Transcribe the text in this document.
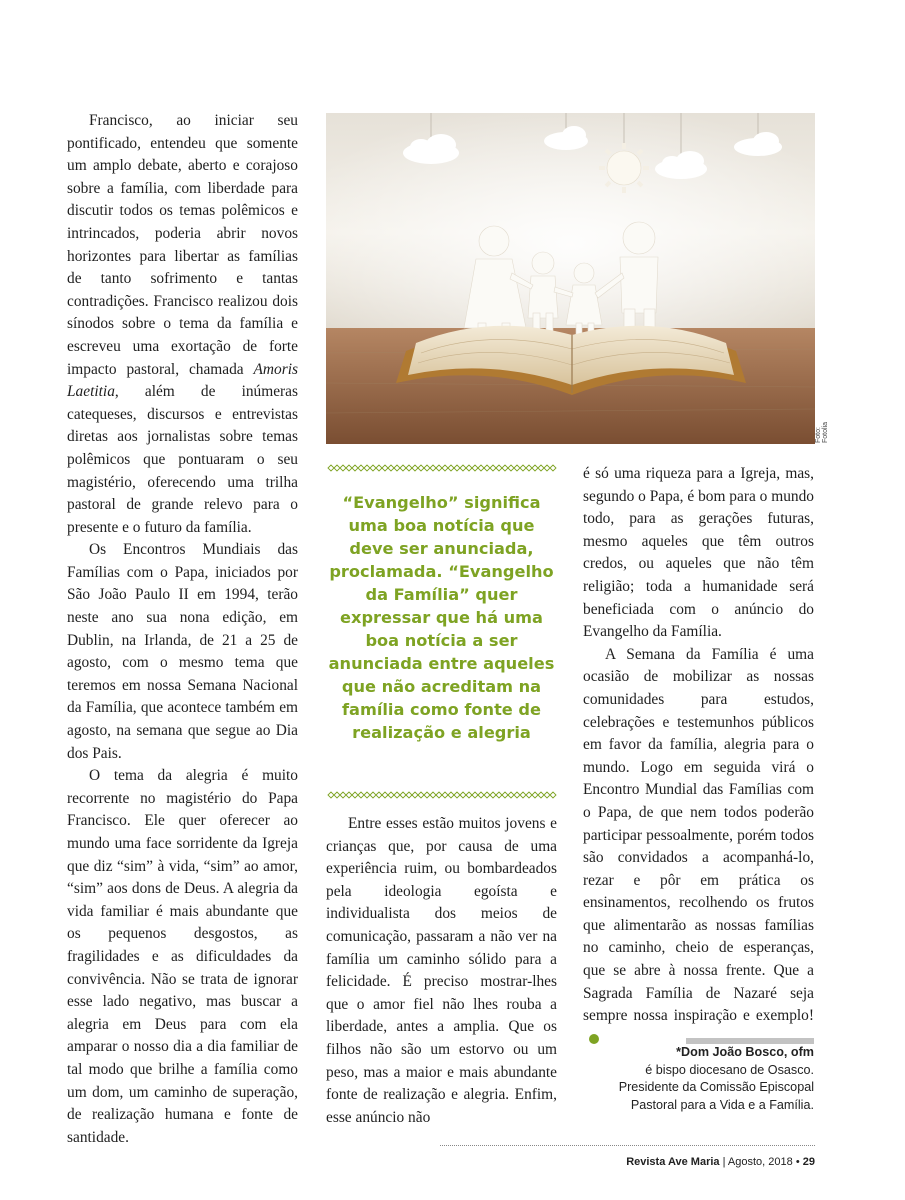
Francisco, ao iniciar seu pontificado, entendeu que somente um amplo debate, aberto e corajoso sobre a família, com liberdade para discutir todos os temas polêmicos e intrincados, poderia abrir novos horizontes para libertar as famílias de tanto sofrimento e tantas contradições. Francisco realizou dois sínodos sobre o tema da família e escreveu uma exortação de forte impacto pastoral, chamada Amoris Laetitia, além de inúmeras catequeses, discursos e entrevistas diretas aos jornalistas sobre temas polêmicos que pontuaram o seu magistério, oferecendo uma trilha pastoral de grande relevo para o presente e o futuro da família.

Os Encontros Mundiais das Famílias com o Papa, iniciados por São João Paulo II em 1994, terão neste ano sua nona edição, em Dublin, na Irlanda, de 21 a 25 de agosto, com o mesmo tema que teremos em nossa Semana Nacional da Família, que acontece também em agosto, na semana que segue ao Dia dos Pais.

O tema da alegria é muito recorrente no magistério do Papa Francisco. Ele quer oferecer ao mundo uma face sorridente da Igreja que diz “sim” à vida, “sim” ao amor, “sim” aos dons de Deus. A alegria da vida familiar é mais abundante que os pequenos desgostos, as fragilidades e as dificuldades da convivência. Não se trata de ignorar esse lado negativo, mas buscar a alegria em Deus para com ela amparar o nosso dia a dia familiar de tal modo que brilhe a família como um dom, um caminho de superação, de realização humana e fonte de santidade.

Foto: Fotolia
“Evangelho” significa uma boa notícia que deve ser anunciada, proclamada. “Evangelho da Família” quer expressar que há uma boa notícia a ser anunciada entre aqueles que não acreditam na família como fonte de realização e alegria

Entre esses estão muitos jovens e crianças que, por causa de uma experiência ruim, ou bombardeados pela ideologia egoísta e individualista dos meios de comunicação, passaram a não ver na família um caminho sólido para a felicidade. É preciso mostrar-lhes que o amor fiel não lhes rouba a liberdade, antes a amplia. Que os filhos não são um estorvo ou um peso, mas a maior e mais abundante fonte de realização e alegria. Enfim, esse anúncio não

é só uma riqueza para a Igreja, mas, segundo o Papa, é bom para o mundo todo, para as gerações futuras, mesmo aqueles que têm outros credos, ou aqueles que não têm religião; toda a humanidade será beneficiada com o anúncio do Evangelho da Família.

A Semana da Família é uma ocasião de mobilizar as nossas comunidades para estudos, celebrações e testemunhos públicos em favor da família, alegria para o mundo. Logo em seguida virá o Encontro Mundial das Famílias com o Papa, de que nem todos poderão participar pessoalmente, porém todos são convidados a acompanhá-lo, rezar e pôr em prática os ensinamentos, recolhendo os frutos que alimentarão as nossas famílias no caminho, cheio de esperanças, que se abre à nossa frente. Que a Sagrada Família de Nazaré seja sempre nossa inspiração e exemplo!

*Dom João Bosco, ofm
é bispo diocesano de Osasco.
Presidente da Comissão Episcopal
Pastoral para a Vida e a Família.
Revista Ave Maria | Agosto, 2018 • 29
